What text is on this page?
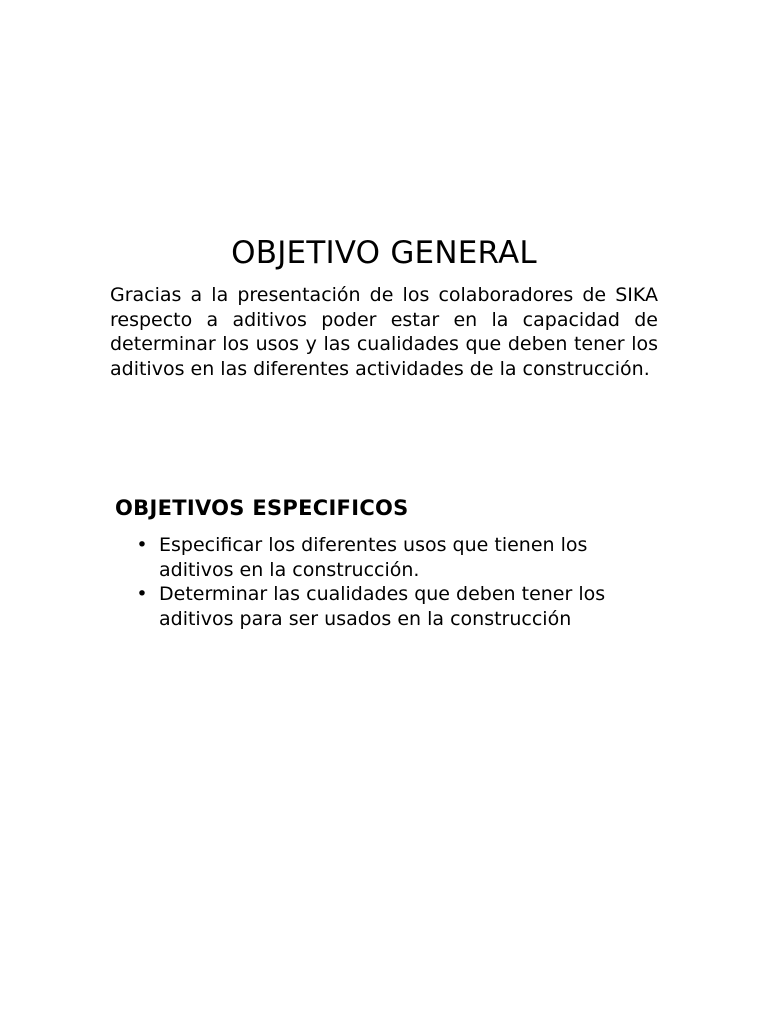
OBJETIVO GENERAL

Gracias a la presentación de los colaboradores de SIKA respecto a aditivos poder estar en la capacidad de determinar los usos y las cualidades que deben tener los aditivos en las diferentes actividades de la construcción.

OBJETIVOS ESPECIFICOS
• Especificar los diferentes usos que tienen los aditivos en la construcción.
• Determinar las cualidades que deben tener los aditivos para ser usados en la construcción
